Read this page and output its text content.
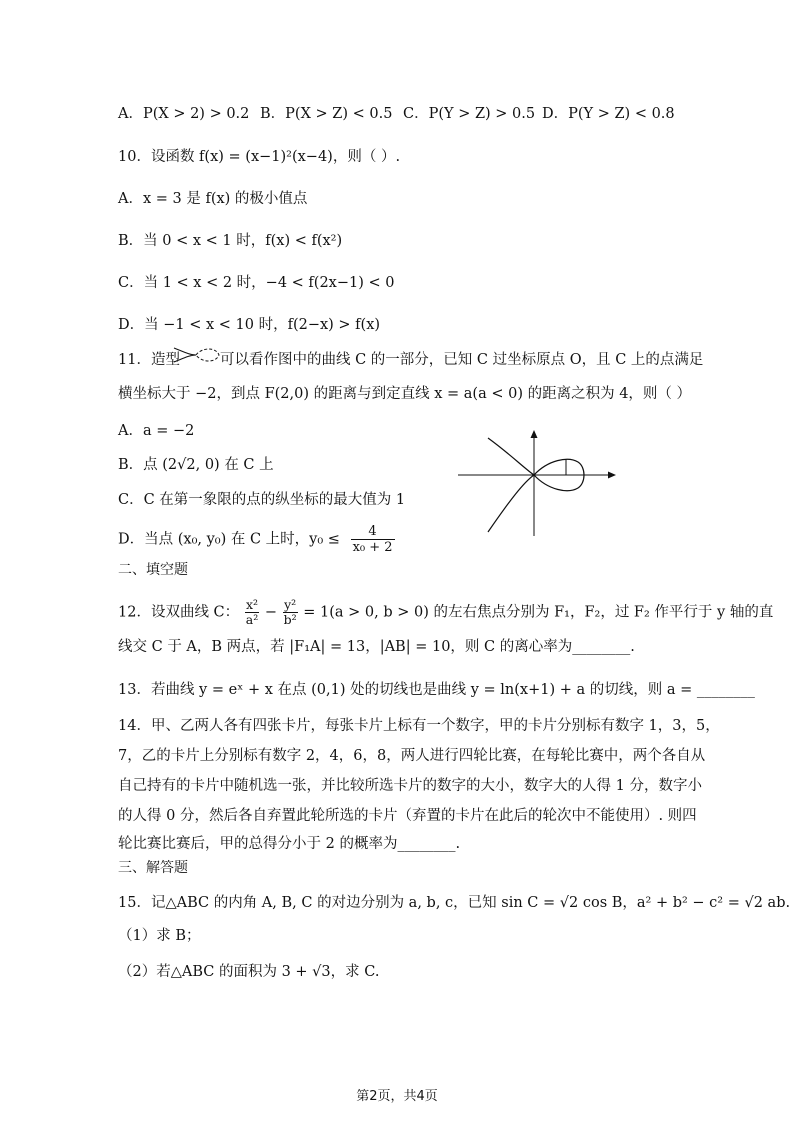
A．P(X > 2) > 0.2 B．P(X > Z) < 0.5 C．P(Y > Z) > 0.5 D．P(Y > Z) < 0.8
10．设函数 f(x) = (x−1)²(x−4)，则（ ）.
A．x = 3 是 f(x) 的极小值点
B．当 0 < x < 1 时，f(x) < f(x²)
C．当 1 < x < 2 时，−4 < f(2x−1) < 0
D．当 −1 < x < 10 时，f(2−x) > f(x)
11．造型	可以看作图中的曲线 C 的一部分，已知 C 过坐标原点 O，且 C 上的点满足
横坐标大于 −2，到点 F(2,0) 的距离与到定直线 x = a(a < 0) 的距离之积为 4，则（ ）
A．a = −2
B．点 (2√2, 0) 在 C 上
C．C 在第一象限的点的纵坐标的最大值为 1
D．当点 (x₀, y₀) 在 C 上时，$y_0 \le \frac{4}{\text{x₀ + 2}}$
二、填空题
12．设双曲线 C： $\frac{\text{x²}}{\text{a²}} - \frac{\text{y²}}{\text{b²}} = 1(a > 0$, b > 0) 的左右焦点分别为 F₁，F₂，过 F₂ 作平行于 y 轴的直
线交 C 于 A，B 两点，若 |F₁A| = 13，|AB| = 10，则 C 的离心率为________.
13．若曲线 y = eˣ + x 在点 (0,1) 处的切线也是曲线 y = ln(x+1) + a 的切线，则 a = ________
14．甲、乙两人各有四张卡片，每张卡片上标有一个数字，甲的卡片分别标有数字 1，3，5，
7，乙的卡片上分别标有数字 2，4，6，8，两人进行四轮比赛，在每轮比赛中，两个各自从
自己持有的卡片中随机选一张，并比较所选卡片的数字的大小，数字大的人得 1 分，数字小
的人得 0 分，然后各自弃置此轮所选的卡片（弃置的卡片在此后的轮次中不能使用）. 则四
轮比赛比赛后，甲的总得分小于 2 的概率为________.
三、解答题
15．记△ABC 的内角 A, B, C 的对边分别为 a, b, c，已知 sin C = √2 cos B，a² + b² − c² = √2 ab.
（1）求 B；
（2）若△ABC 的面积为 3 + √3，求 C.
第2页，共4页
